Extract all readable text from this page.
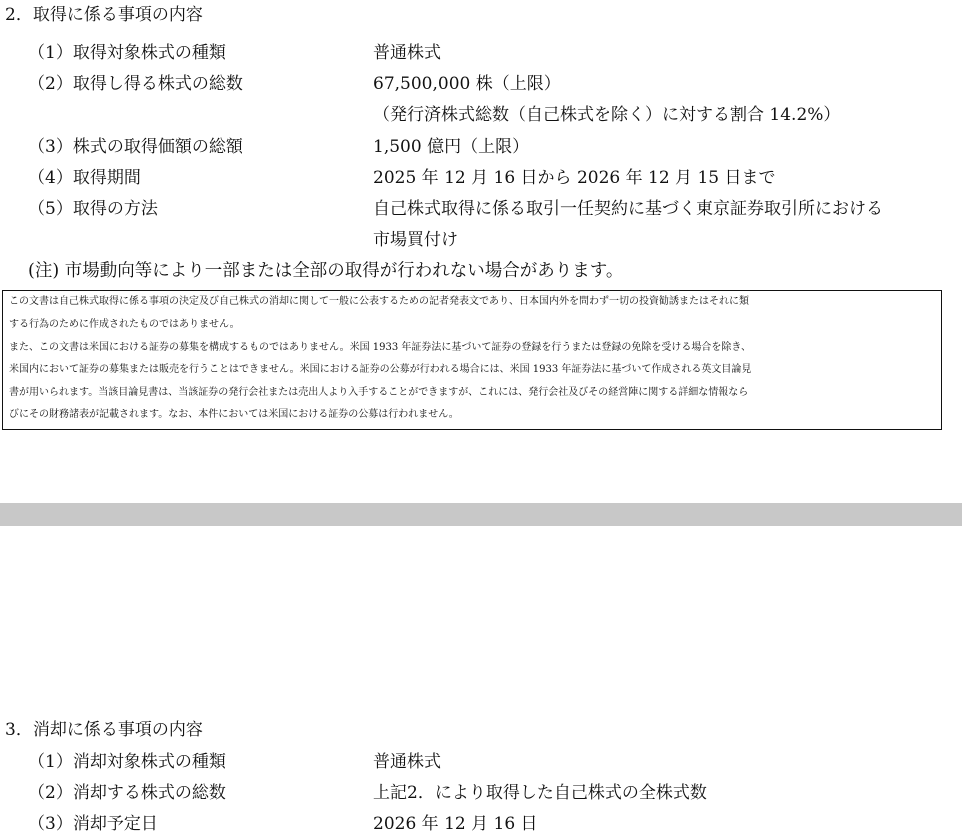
2．取得に係る事項の内容
（1）取得対象株式の種類	普通株式
（2）取得し得る株式の総数	67,500,000 株（上限）
（発行済株式総数（自己株式を除く）に対する割合 14.2%）
（3）株式の取得価額の総額	1,500 億円（上限）
（4）取得期間	2025 年 12 月 16 日から 2026 年 12 月 15 日まで
（5）取得の方法	自己株式取得に係る取引一任契約に基づく東京証券取引所における
市場買付け
(注) 市場動向等により一部または全部の取得が行われない場合があります。

この文書は自己株式取得に係る事項の決定及び自己株式の消却に関して一般に公表するための記者発表文であり、日本国内外を問わず一切の投資勧誘またはそれに類

する行為のために作成されたものではありません。

また、この文書は米国における証券の募集を構成するものではありません。米国 1933 年証券法に基づいて証券の登録を行うまたは登録の免除を受ける場合を除き、

米国内において証券の募集または販売を行うことはできません。米国における証券の公募が行われる場合には、米国 1933 年証券法に基づいて作成される英文目論見

書が用いられます。当該目論見書は、当該証券の発行会社または売出人より入手することができますが、これには、発行会社及びその経営陣に関する詳細な情報なら

びにその財務諸表が記載されます。なお、本件においては米国における証券の公募は行われません。

3．消却に係る事項の内容
（1）消却対象株式の種類	普通株式
（2）消却する株式の総数	上記2．により取得した自己株式の全株式数
（3）消却予定日	2026 年 12 月 16 日
